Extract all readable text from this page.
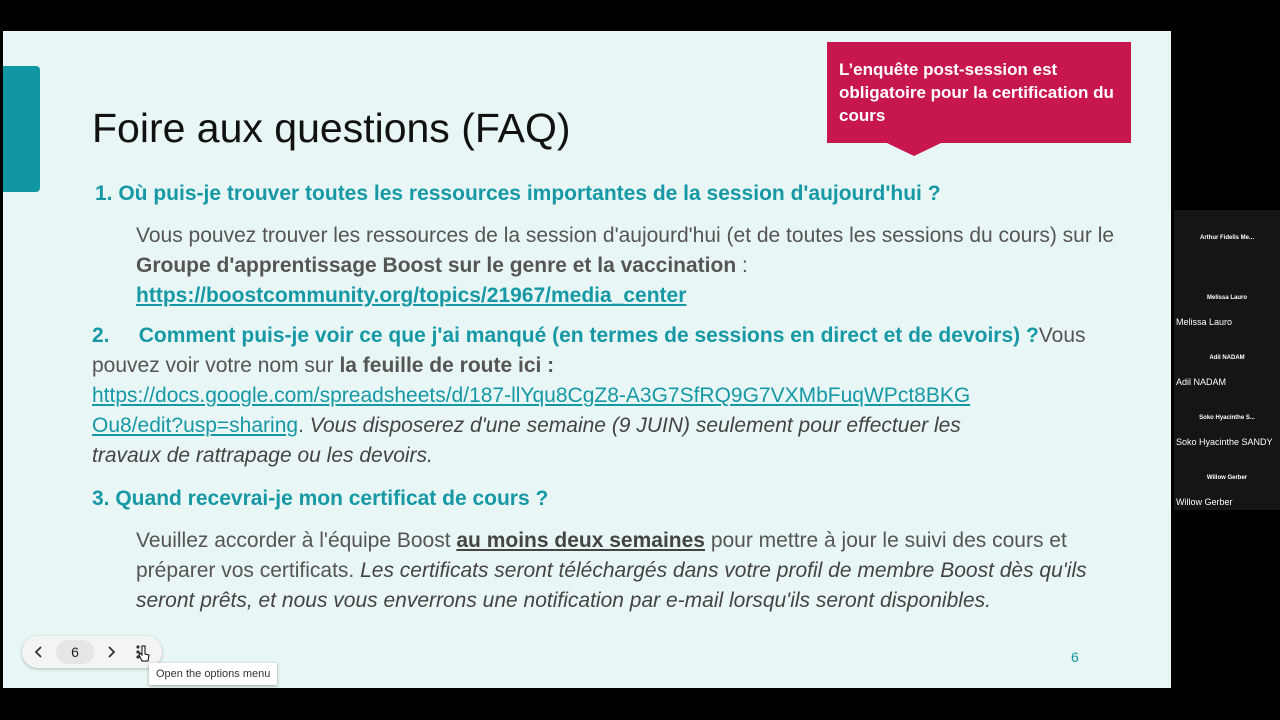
Foire aux questions (FAQ)
L’enquête post-session est obligatoire pour la certification du cours
1. Où puis-je trouver toutes les ressources importantes de la session d'aujourd'hui ?
Vous pouvez trouver les ressources de la session d'aujourd'hui (et de toutes les sessions du cours) sur le Groupe d'apprentissage Boost sur le genre et la vaccination :
https://boostcommunity.org/topics/21967/media_center
2. Comment puis-je voir ce que j'ai manqué (en termes de sessions en direct et de devoirs) ?Vous pouvez voir votre nom sur la feuille de route ici :
https://docs.google.com/spreadsheets/d/187-llYqu8CgZ8-A3G7SfRQ9G7VXMbFuqWPct8BKG
Ou8/edit?usp=sharing. Vous disposerez d'une semaine (9 JUIN) seulement pour effectuer les
travaux de rattrapage ou les devoirs.
3. Quand recevrai-je mon certificat de cours ?
Veuillez accorder à l'équipe Boost au moins deux semaines pour mettre à jour le suivi des cours et préparer vos certificats. Les certificats seront téléchargés dans votre profil de membre Boost dès qu'ils seront prêts, et nous vous enverrons une notification par e-mail lorsqu'ils seront disponibles.
6
6
Open the options menu
Arthur Fidelis Me...
Melissa Lauro
Melissa Lauro
Adil NADAM
Adil NADAM
Soko Hyacinthe S...
Soko Hyacinthe SANDY
Willow Gerber
Willow Gerber
